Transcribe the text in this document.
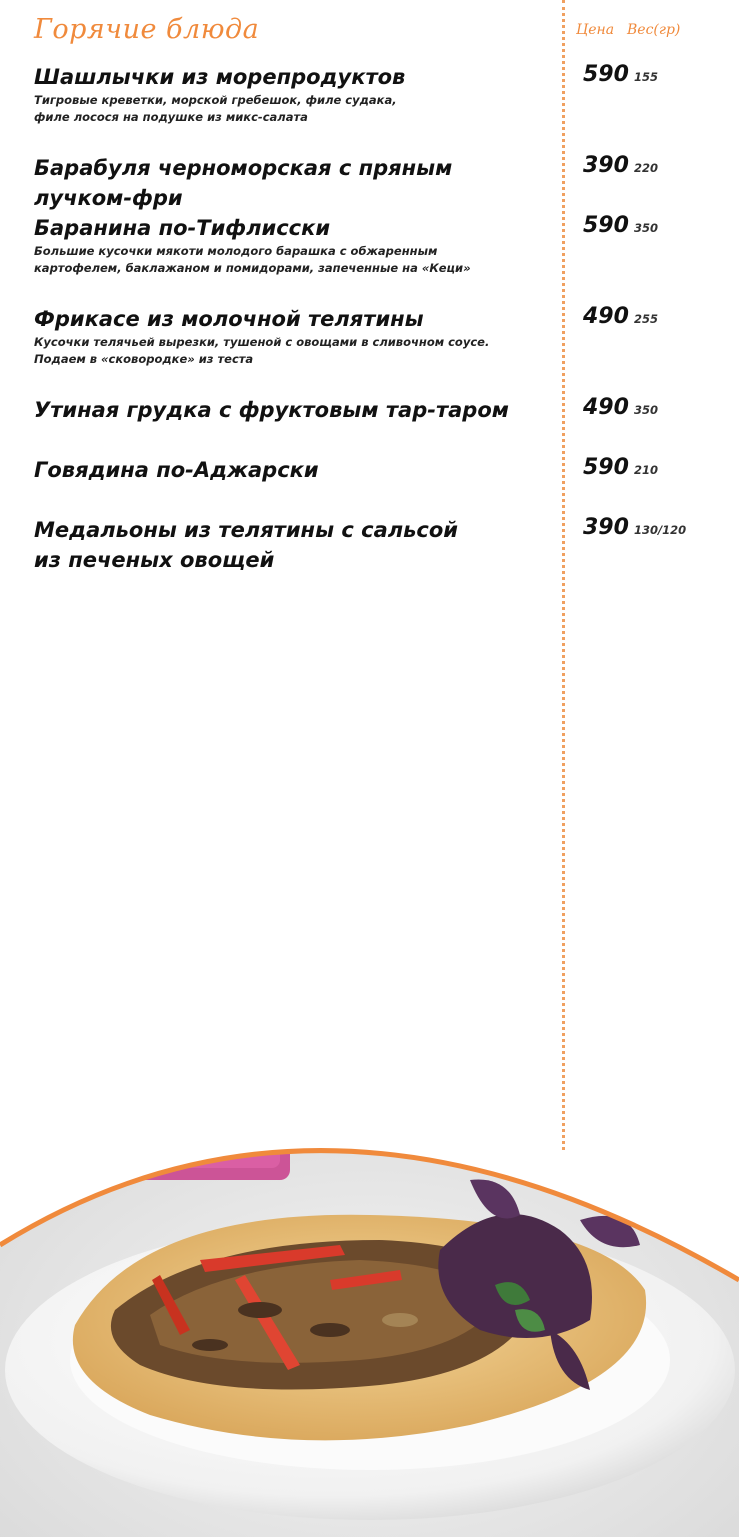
Горячие блюда	Цена Вес(гр)
Шашлычки из морепродуктов
Тигровые креветки, морской гребешок, филе судака,
филе лосося на подушке из микс-салата
590 155
Барабуля черноморская с пряным лучком-фри
390 220
Баранина по-Тифлисски
Большие кусочки мякоти молодого барашка с обжаренным
картофелем, баклажаном и помидорами, запеченные на «Кеци»
590 350
Фрикасе из молочной телятины
Кусочки телячьей вырезки, тушеной с овощами в сливочном соусе.
Подаем в «сковородке» из теста
490 255
Утиная грудка с фруктовым тар-таром	490 350
Говядина по-Аджарски	590 210
Медальоны из телятины с сальсой
из печеных овощей
390 130/120
